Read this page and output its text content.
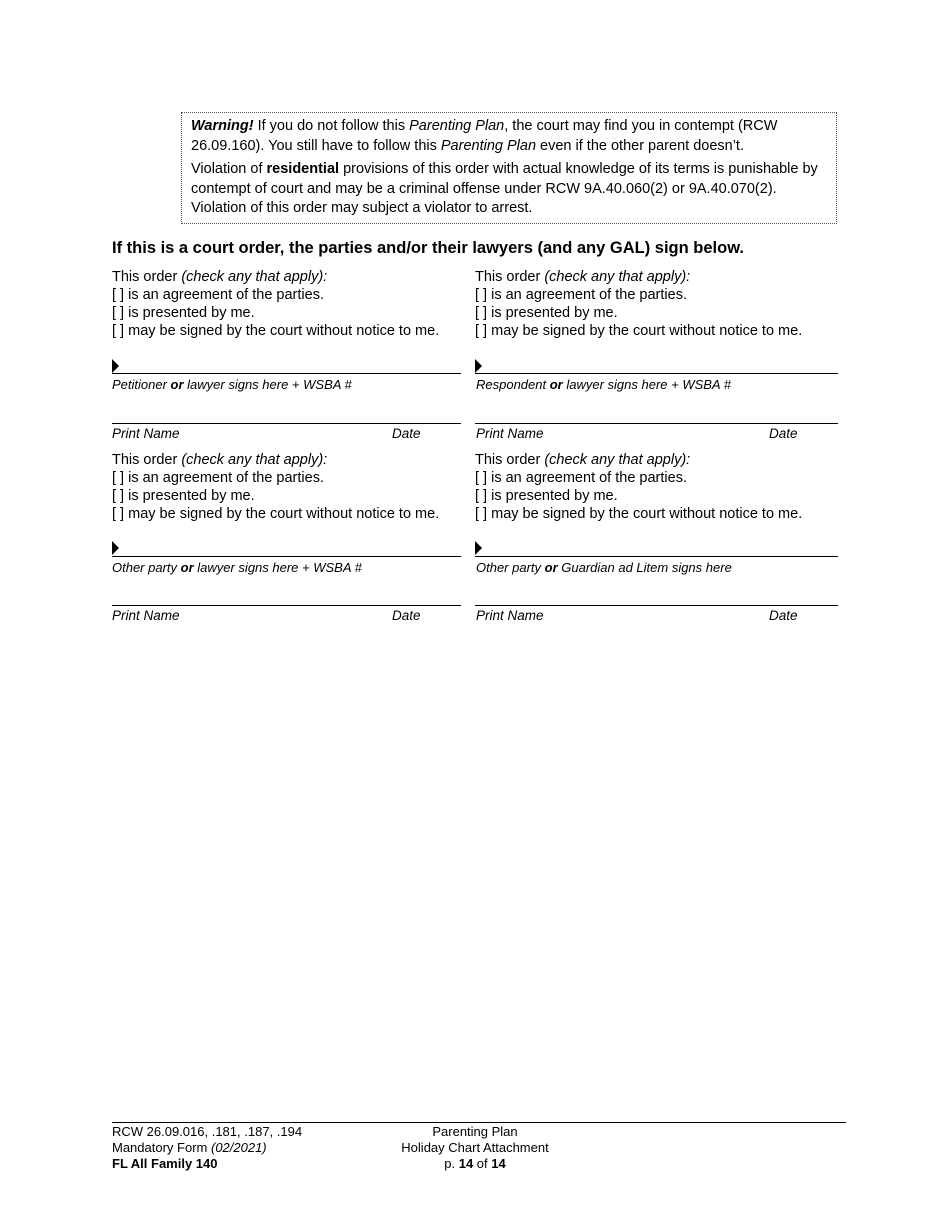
Warning! If you do not follow this Parenting Plan, the court may find you in contempt (RCW 26.09.160). You still have to follow this Parenting Plan even if the other parent doesn’t.

Violation of residential provisions of this order with actual knowledge of its terms is punishable by contempt of court and may be a criminal offense under RCW 9A.40.060(2) or 9A.40.070(2). Violation of this order may subject a violator to arrest.

If this is a court order, the parties and/or their lawyers (and any GAL) sign below.
This order (check any that apply):
[ ] is an agreement of the parties.
[ ] is presented by me.
[ ] may be signed by the court without notice to me.
Petitioner or lawyer signs here + WSBA #
Print Name	Date
This order (check any that apply):
[ ] is an agreement of the parties.
[ ] is presented by me.
[ ] may be signed by the court without notice to me.
Respondent or lawyer signs here + WSBA #
Print Name	Date
This order (check any that apply):
[ ] is an agreement of the parties.
[ ] is presented by me.
[ ] may be signed by the court without notice to me.
Other party or lawyer signs here + WSBA #
Print Name	Date
This order (check any that apply):
[ ] is an agreement of the parties.
[ ] is presented by me.
[ ] may be signed by the court without notice to me.
Other party or Guardian ad Litem signs here
Print Name	Date
RCW 26.09.016, .181, .187, .194
Mandatory Form (02/2021)
FL All Family 140
Parenting Plan
Holiday Chart Attachment
p. 14 of 14
